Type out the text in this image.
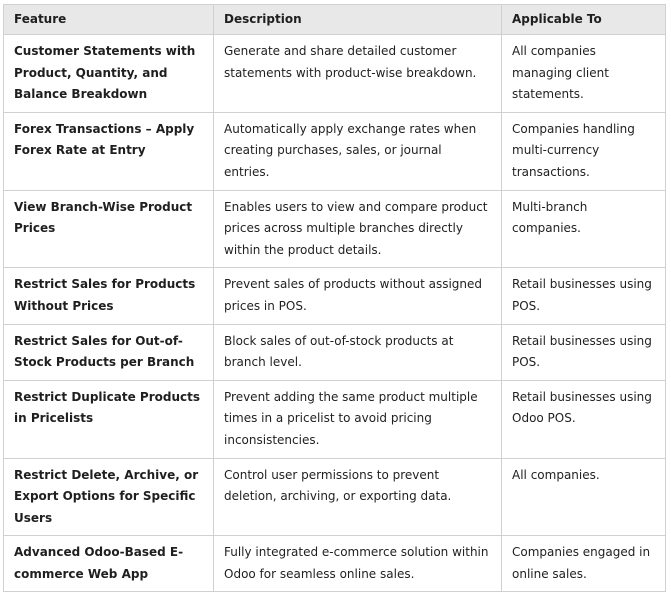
Feature	Description	Applicable To
Customer Statements with Product, Quantity, and Balance Breakdown	Generate and share detailed customer statements with product-wise breakdown.	All companies managing client statements.
Forex Transactions – Apply Forex Rate at Entry	Automatically apply exchange rates when creating purchases, sales, or journal entries.	Companies handling multi-currency transactions.
View Branch-Wise Product Prices	Enables users to view and compare product prices across multiple branches directly within the product details.	Multi-branch companies.
Restrict Sales for Products Without Prices	Prevent sales of products without assigned prices in POS.	Retail businesses using POS.
Restrict Sales for Out-of-Stock Products per Branch	Block sales of out-of-stock products at branch level.	Retail businesses using POS.
Restrict Duplicate Products in Pricelists	Prevent adding the same product multiple times in a pricelist to avoid pricing inconsistencies.	Retail businesses using Odoo POS.
Restrict Delete, Archive, or Export Options for Specific Users	Control user permissions to prevent deletion, archiving, or exporting data.	All companies.
Advanced Odoo-Based E-commerce Web App	Fully integrated e-commerce solution within Odoo for seamless online sales.	Companies engaged in online sales.
